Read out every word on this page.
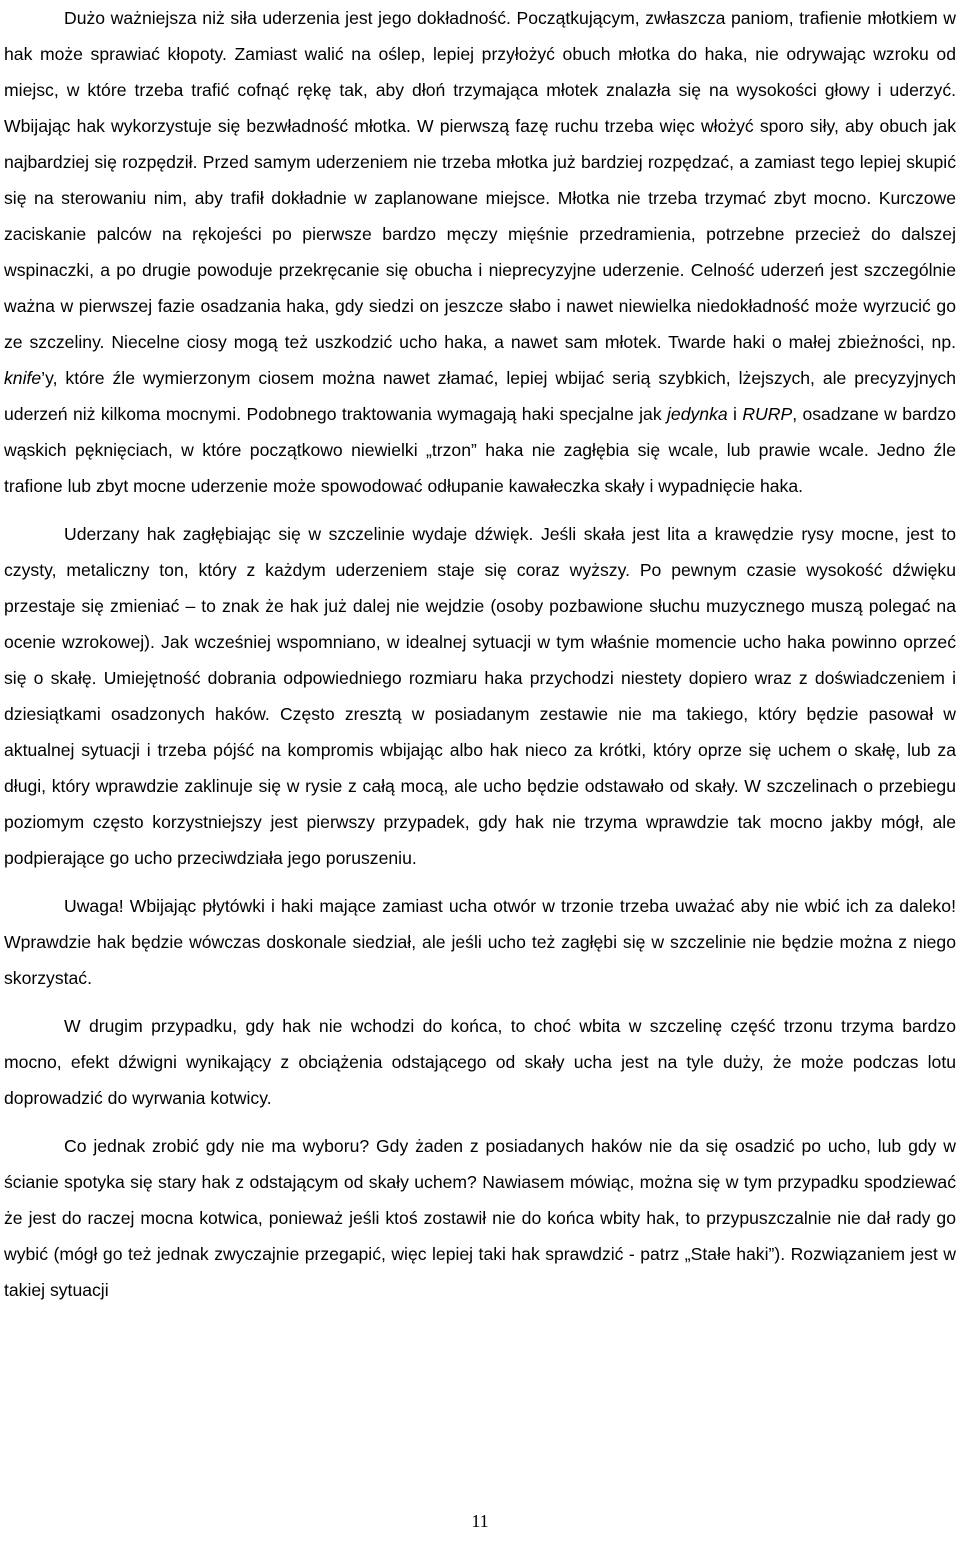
Dużo ważniejsza niż siła uderzenia jest jego dokładność. Początkującym, zwłaszcza paniom, trafienie młotkiem w hak może sprawiać kłopoty. Zamiast walić na oślep, lepiej przyłożyć obuch młotka do haka, nie odrywając wzroku od miejsc, w które trzeba trafić cofnąć rękę tak, aby dłoń trzymająca młotek znalazła się na wysokości głowy i uderzyć. Wbijając hak wykorzystuje się bezwładność młotka. W pierwszą fazę ruchu trzeba więc włożyć sporo siły, aby obuch jak najbardziej się rozpędził. Przed samym uderzeniem nie trzeba młotka już bardziej rozpędzać, a zamiast tego lepiej skupić się na sterowaniu nim, aby trafił dokładnie w zaplanowane miejsce. Młotka nie trzeba trzymać zbyt mocno. Kurczowe zaciskanie palców na rękojeści po pierwsze bardzo męczy mięśnie przedramienia, potrzebne przecież do dalszej wspinaczki, a po drugie powoduje przekręcanie się obucha i nieprecyzyjne uderzenie. Celność uderzeń jest szczególnie ważna w pierwszej fazie osadzania haka, gdy siedzi on jeszcze słabo i nawet niewielka niedokładność może wyrzucić go ze szczeliny. Niecelne ciosy mogą też uszkodzić ucho haka, a nawet sam młotek. Twarde haki o małej zbieżności, np. knife’y, które źle wymierzonym ciosem można nawet złamać, lepiej wbijać serią szybkich, lżejszych, ale precyzyjnych uderzeń niż kilkoma mocnymi. Podobnego traktowania wymagają haki specjalne jak jedynka i RURP, osadzane w bardzo wąskich pęknięciach, w które początkowo niewielki „trzon” haka nie zagłębia się wcale, lub prawie wcale. Jedno źle trafione lub zbyt mocne uderzenie może spowodować odłupanie kawałeczka skały i wypadnięcie haka.

Uderzany hak zagłębiając się w szczelinie wydaje dźwięk. Jeśli skała jest lita a krawędzie rysy mocne, jest to czysty, metaliczny ton, który z każdym uderzeniem staje się coraz wyższy. Po pewnym czasie wysokość dźwięku przestaje się zmieniać – to znak że hak już dalej nie wejdzie (osoby pozbawione słuchu muzycznego muszą polegać na ocenie wzrokowej). Jak wcześniej wspomniano, w idealnej sytuacji w tym właśnie momencie ucho haka powinno oprzeć się o skałę. Umiejętność dobrania odpowiedniego rozmiaru haka przychodzi niestety dopiero wraz z doświadczeniem i dziesiątkami osadzonych haków. Często zresztą w posiadanym zestawie nie ma takiego, który będzie pasował w aktualnej sytuacji i trzeba pójść na kompromis wbijając albo hak nieco za krótki, który oprze się uchem o skałę, lub za długi, który wprawdzie zaklinuje się w rysie z całą mocą, ale ucho będzie odstawało od skały. W szczelinach o przebiegu poziomym często korzystniejszy jest pierwszy przypadek, gdy hak nie trzyma wprawdzie tak mocno jakby mógł, ale podpierające go ucho przeciwdziała jego poruszeniu.

Uwaga! Wbijając płytówki i haki mające zamiast ucha otwór w trzonie trzeba uważać aby nie wbić ich za daleko! Wprawdzie hak będzie wówczas doskonale siedział, ale jeśli ucho też zagłębi się w szczelinie nie będzie można z niego skorzystać.

W drugim przypadku, gdy hak nie wchodzi do końca, to choć wbita w szczelinę część trzonu trzyma bardzo mocno, efekt dźwigni wynikający z obciążenia odstającego od skały ucha jest na tyle duży, że może podczas lotu doprowadzić do wyrwania kotwicy.

Co jednak zrobić gdy nie ma wyboru? Gdy żaden z posiadanych haków nie da się osadzić po ucho, lub gdy w ścianie spotyka się stary hak z odstającym od skały uchem? Nawiasem mówiąc, można się w tym przypadku spodziewać że jest do raczej mocna kotwica, ponieważ jeśli ktoś zostawił nie do końca wbity hak, to przypuszczalnie nie dał rady go wybić (mógł go też jednak zwyczajnie przegapić, więc lepiej taki hak sprawdzić - patrz „Stałe haki”). Rozwiązaniem jest w takiej sytuacji

11
